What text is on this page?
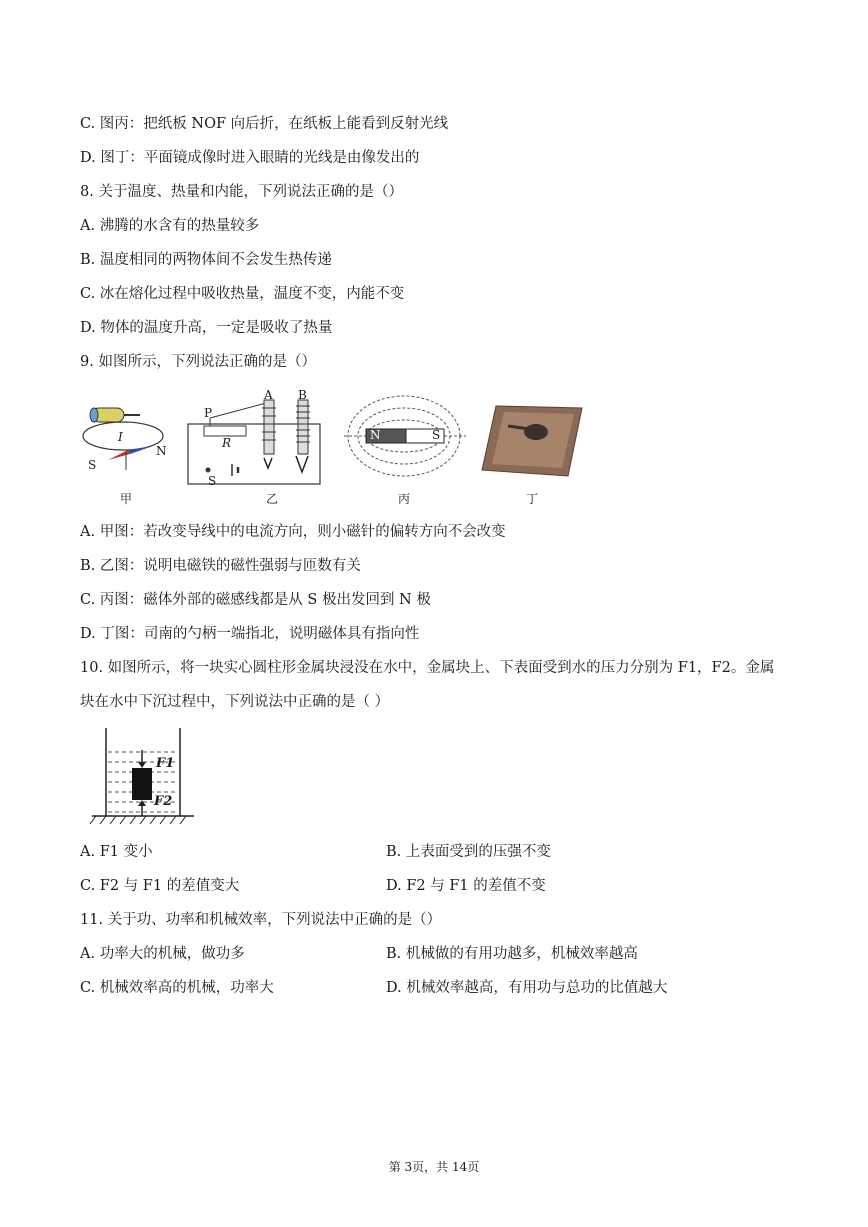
C. 图丙：把纸板 NOF 向后折，在纸板上能看到反射光线
D. 图丁：平面镜成像时进入眼睛的光线是由像发出的
8. 关于温度、热量和内能，下列说法正确的是（）
A. 沸腾的水含有的热量较多
B. 温度相同的两物体间不会发生热传递
C. 冰在熔化过程中吸收热量，温度不变，内能不变
D. 物体的温度升高，一定是吸收了热量
9. 如图所示，下列说法正确的是（）
I
S
N
甲
P
R
A B
S
乙
N	S
丙	丁
A. 甲图：若改变导线中的电流方向，则小磁针的偏转方向不会改变
B. 乙图：说明电磁铁的磁性强弱与匝数有关
C. 丙图：磁体外部的磁感线都是从 S 极出发回到 N 极
D. 丁图：司南的勺柄一端指北，说明磁体具有指向性
10. 如图所示，将一块实心圆柱形金属块浸没在水中，金属块上、下表面受到水的压力分别为 F1，F2。金属
块在水中下沉过程中，下列说法中正确的是（ ）
F1
F2
A. F1 变小	B. 上表面受到的压强不变
C. F2 与 F1 的差值变大	D. F2 与 F1 的差值不变
11. 关于功、功率和机械效率，下列说法中正确的是（）
A. 功率大的机械，做功多	B. 机械做的有用功越多，机械效率越高
C. 机械效率高的机械，功率大	D. 机械效率越高，有用功与总功的比值越大
第 3页，共 14页
